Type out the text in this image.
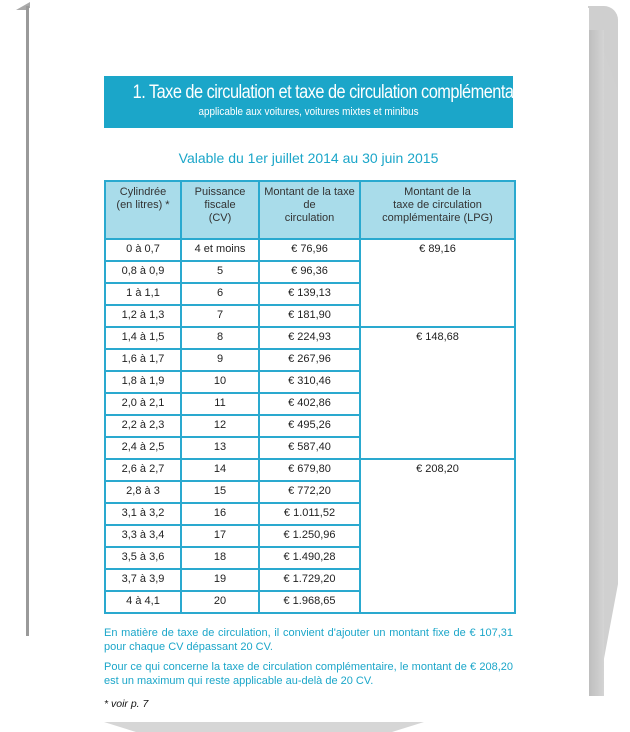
1. Taxe de circulation et taxe de circulation complémentaire
applicable aux voitures, voitures mixtes et minibus
Valable du 1er juillet 2014 au 30 juin 2015
Cylindrée
(en litres) *	Puissance
fiscale
(CV)	Montant de la taxe
de
circulation	Montant de la
taxe de circulation
complémentaire (LPG)
0 à 0,7	4 et moins	€ 76,96	€ 89,16
0,8 à 0,9	5	€ 96,36	
1 à 1,1	6	€ 139,13	
1,2 à 1,3	7	€ 181,90	
1,4 à 1,5	8	€ 224,93	€ 148,68
1,6 à 1,7	9	€ 267,96	
1,8 à 1,9	10	€ 310,46	
2,0 à 2,1	11	€ 402,86	
2,2 à 2,3	12	€ 495,26	
2,4 à 2,5	13	€ 587,40	
2,6 à 2,7	14	€ 679,80	€ 208,20
2,8 à 3	15	€ 772,20	
3,1 à 3,2	16	€ 1.011,52	
3,3 à 3,4	17	€ 1.250,96	
3,5 à 3,6	18	€ 1.490,28	
3,7 à 3,9	19	€ 1.729,20	
4 à 4,1	20	€ 1.968,65	

En matière de taxe de circulation, il convient d'ajouter un montant fixe de € 107,31 pour chaque CV dépassant 20 CV.

Pour ce qui concerne la taxe de circulation complémentaire, le montant de € 208,20 est un maximum qui reste applicable au-delà de 20 CV.

* voir p. 7
